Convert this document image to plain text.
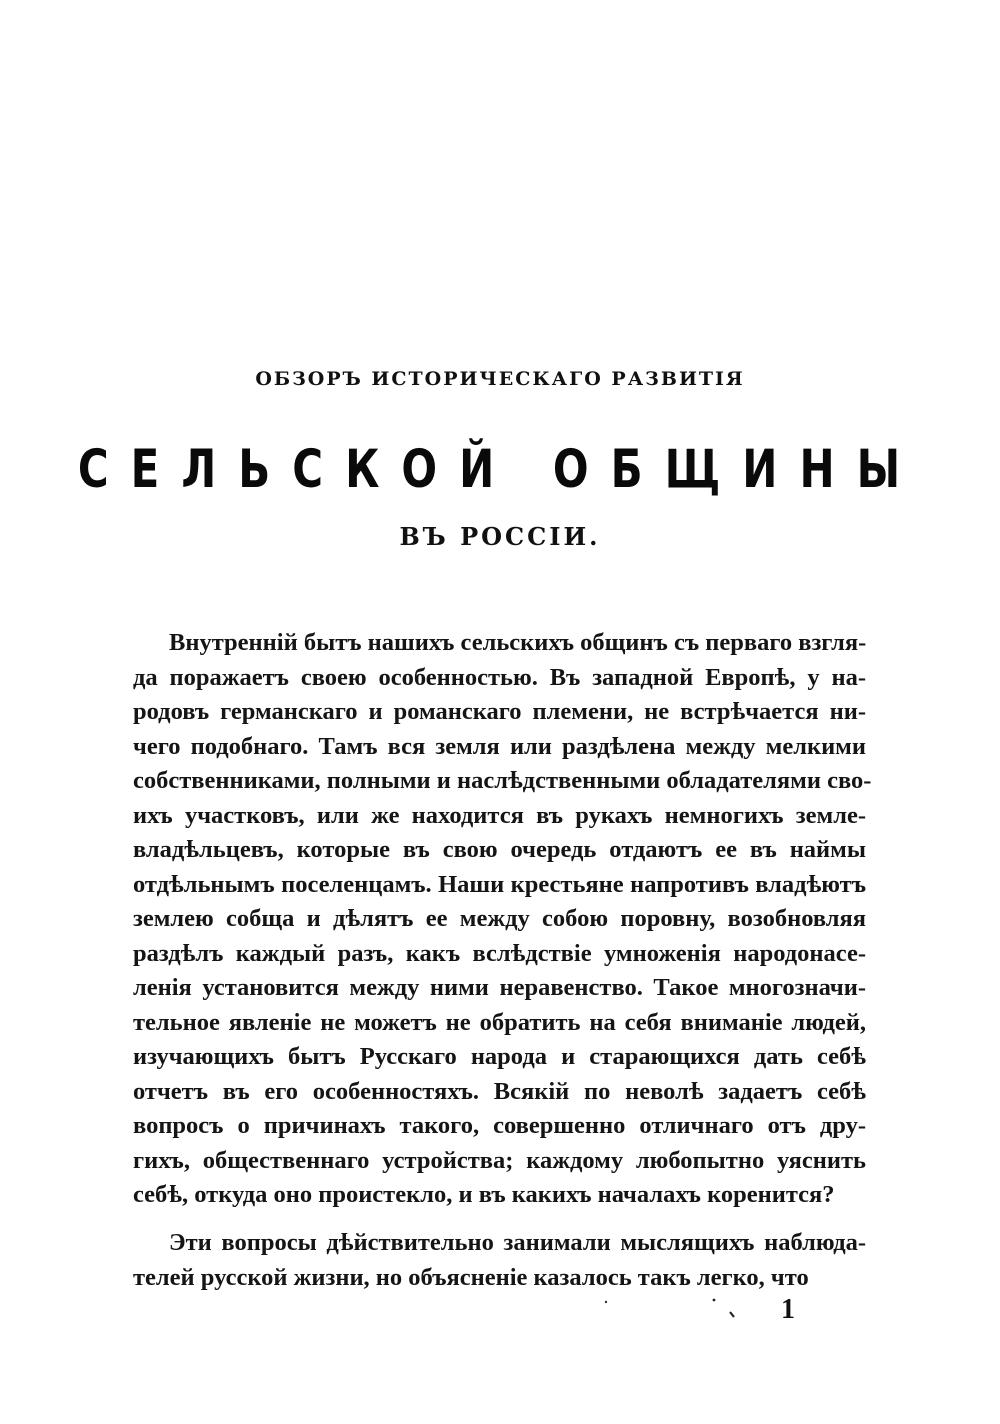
ОБЗОРЪ ИСТОРИЧЕСКАГО РАЗВИТІЯ
СЕЛЬСКОЙ ОБЩИНЫ
ВЪ РОССІИ.
Внутренній бытъ нашихъ сельскихъ общинъ съ перваго взгля-
да поражаетъ своею особенностью. Въ западной Европѣ, у на-
родовъ германскаго и романскаго племени, не встрѣчается ни-
чего подобнаго. Тамъ вся земля или раздѣлена между мелкими
собственниками, полными и наслѣдственными обладателями сво-
ихъ участковъ, или же находится въ рукахъ немногихъ земле-
владѣльцевъ, которые въ свою очередь отдаютъ ее въ наймы
отдѣльнымъ поселенцамъ. Наши крестьяне напротивъ владѣютъ
землею собща и дѣлятъ ее между собою поровну, возобновляя
раздѣлъ каждый разъ, какъ вслѣдствіе умноженія народонасе-
ленія установится между ними неравенство. Такое многозначи-
тельное явленіе не можетъ не обратить на себя вниманіе людей,
изучающихъ бытъ Русскаго народа и старающихся дать себѣ
отчетъ въ его особенностяхъ. Всякій по неволѣ задаетъ себѣ
вопросъ о причинахъ такого, совершенно отличнаго отъ дру-
гихъ, общественнаго устройства; каждому любопытно уяснить
себѣ, откуда оно проистекло, и въ какихъ началахъ коренится?
Эти вопросы дѣйствительно занимали мыслящихъ наблюда-
телей русской жизни, но объясненіе казалось такъ легко, что
1
